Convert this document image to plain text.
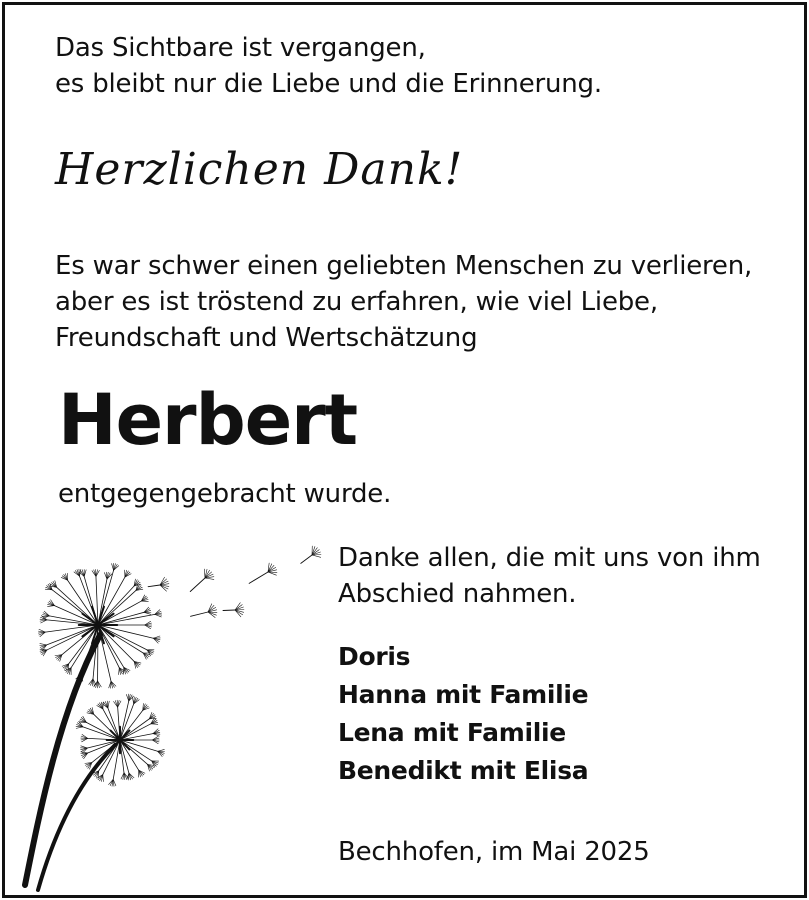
Das Sichtbare ist vergangen,
es bleibt nur die Liebe und die Erinnerung.
Herzlichen Dank!
Es war schwer einen geliebten Menschen zu verlieren,
aber es ist tröstend zu erfahren, wie viel Liebe,
Freundschaft und Wertschätzung
Herbert
entgegengebracht wurde.
Danke allen, die mit uns von ihm
Abschied nahmen.
Doris
Hanna mit Familie
Lena mit Familie
Benedikt mit Elisa
Bechhofen, im Mai 2025
